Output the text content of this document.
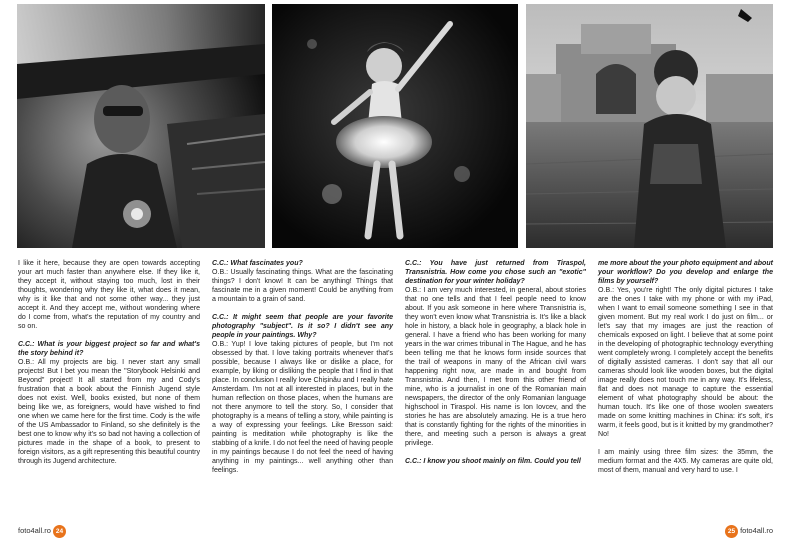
I like it here, because they are open towards accepting your art much faster than anywhere else. If they like it, they accept it, without staying too much, lost in their thoughts, wondering why they like it, what does it mean, why is it like that and not some other way... they just accept it. And they accept me, without wondering where do I come from, what's the reputation of my country and so on.

C.C.: What is your biggest project so far and what's the story behind it?

O.B.: All my projects are big. I never start any small projects! But I bet you mean the "Storybook Helsinki and Beyond" project! It all started from my and Cody's frustration that a book about the Finnish Jugend style does not exist. Well, books existed, but none of them being like we, as foreigners, would have wished to find one when we came here for the first time. Cody is the wife of the US Ambassador to Finland, so she definitely is the best one to know why it's so bad not having a collection of pictures made in the shape of a book, to present to foreign visitors, as a gift representing this beautiful country through its Jugend architecture.

C.C.: What fascinates you?

O.B.: Usually fascinating things. What are the fascinating things? I don't know! It can be anything! Things that fascinate me in a given moment! Could be anything from a mountain to a grain of sand.

C.C.: It might seem that people are your favorite photography "subject". Is it so? I didn't see any people in your paintings. Why?

O.B.: Yup! I love taking pictures of people, but I'm not obsessed by that. I love taking portraits whenever that's possible, because I always like or dislike a place, for example, by liking or disliking the people that I find in that place. In conclusion I really love Chișinău and I really hate Amsterdam. I'm not at all interested in places, but in the human reflection on those places, when the humans are not there anymore to tell the story. So, I consider that photography is a means of telling a story, while painting is a way of expressing your feelings. Like Bresson said: painting is meditation while photography is like the stabbing of a knife. I do not feel the need of having people in my paintings because I do not feel the need of having anything in my paintings... well anything other than feelings.

C.C.: You have just returned from Tiraspol, Transnistria. How come you chose such an "exotic" destination for your winter holiday?

O.B.: I am very much interested, in general, about stories that no one tells and that I feel people need to know about. If you ask someone in here where Transnistria is, they won't even know what Transnistria is. It's like a black hole in history, a black hole in geography, a black hole in general. I have a friend who has been working for many years in the war crimes tribunal in The Hague, and he has been telling me that he knows form inside sources that the trail of weapons in many of the African civil wars happening right now, are made in and bought from Transnistria. And then, I met from this other friend of mine, who is a journalist in one of the Romanian main newspapers, the director of the only Romanian language highschool in Tiraspol. His name is Ion Iovcev, and the stories he has are absolutely amazing. He is a true hero that is constantly fighting for the rights of the minorities in there, and meeting such a person is always a great privilege.

C.C.: I know you shoot mainly on film. Could you tell

me more about the your photo equipment and about your workflow? Do you develop and enlarge the films by yourself?

O.B.: Yes, you're right! The only digital pictures I take are the ones I take with my phone or with my iPad, when I want to email someone something I see in that given moment. But my real work I do just on film... or let's say that my images are just the reaction of chemicals exposed on light. I believe that at some point in the developing of photographic technology everything went completely wrong. I completely accept the benefits of digitally assisted cameras. I don't say that all our cameras should look like wooden boxes, but the digital image really does not touch me in any way. It's lifeless, flat and does not manage to capture the essential element of what photography should be about: the human touch. It's like one of those woolen sweaters made on some knitting machines in China: it's soft, it's warm, it feels good, but is it knitted by my grandmother? No!

I am mainly using three film sizes: the 35mm, the medium format and the 4X5. My cameras are quite old, most of them, manual and very hard to use. I

foto4all.ro 24	25 foto4all.ro
